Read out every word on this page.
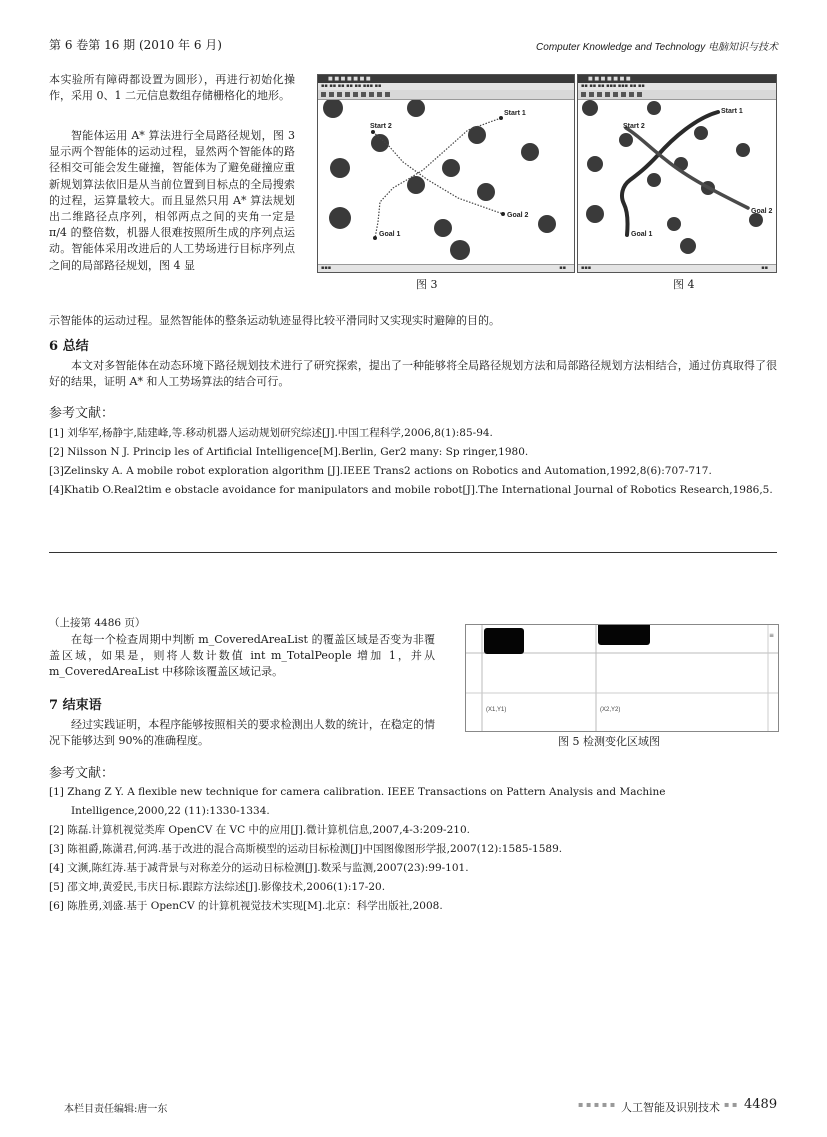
第 6 卷第 16 期 (2010 年 6 月)	Computer Knowledge and Technology 电脑知识与技术
本实验所有障碍都设置为圆形），再进行初始化操作，采用 0、1 二元信息数组存储栅格化的地形。
智能体运用 A* 算法进行全局路径规划，图 3 显示两个智能体的运动过程，显然两个智能体的路径相交可能会发生碰撞，智能体为了避免碰撞应重新规划算法依旧是从当前位置到目标点的全局搜索的过程，运算量较大。而且显然只用 A* 算法规划出二维路径点序列，相邻两点之间的夹角一定是 π/4 的整倍数，机器人很难按照所生成的序列点运动。智能体采用改进后的人工势场进行目标序列点之间的局部路径规划，图 4 显
■ ■ ■ ■ ■ ■ ■
▪▪ ▪▪ ▪▪ ▪▪ ▪▪ ▪▪▪ ▪▪
Start 1
Start 2
Goal 1
Goal 2
▪▪▪	▪▪
图 3
■ ■ ■ ■ ■ ■ ■
▪▪ ▪▪ ▪▪ ▪▪▪ ▪▪▪ ▪▪ ▪▪
Start 1
Start 2
Goal 1
Goal 2
▪▪▪	▪▪
图 4
示智能体的运动过程。显然智能体的整条运动轨迹显得比较平滑同时又实现实时避障的目的。
6 总结
本文对多智能体在动态环境下路径规划技术进行了研究探索，提出了一种能够将全局路径规划方法和局部路径规划方法相结合，通过仿真取得了很好的结果，证明 A* 和人工势场算法的结合可行。
参考文献：
[1] 刘华军,杨静宇,陆建峰,等.移动机器人运动规划研究综述[J].中国工程科学,2006,8(1):85-94.
[2] Nilsson N J. Princip les of Artificial Intelligence[M].Berlin, Ger2 many: Sp ringer,1980.
[3]Zelinsky A. A mobile robot exploration algorithm [J].IEEE Trans2 actions on Robotics and Automation,1992,8(6):707-717.
[4]Khatib O.Real2tim e obstacle avoidance for manipulators and mobile robot[J].The International Journal of Robotics Research,1986,5.
（上接第 4486 页）
在每一个检查周期中判断 m_CoveredAreaList 的覆盖区域是否变为非覆盖区域，如果是，则将人数计数值 int m_TotalPeople 增加 1，并从 m_CoveredAreaList 中移除该覆盖区域记录。
7 结束语
经过实践证明，本程序能够按照相关的要求检测出人数的统计，在稳定的情况下能够达到 90%的准确程度。
≡
(X1,Y1)	(X2,Y2)
图 5 检测变化区域图
参考文献：
[1] Zhang Z Y. A flexible new technique for camera calibration. IEEE Transactions on Pattern Analysis and Machine Intelligence,2000,22 (11):1330-1334.
[2] 陈磊.计算机视觉类库 OpenCV 在 VC 中的应用[J].微计算机信息,2007,4-3:209-210.
[3] 陈祖爵,陈潇君,何鸿.基于改进的混合高斯模型的运动目标检测[J]中国图像图形学报,2007(12):1585-1589.
[4] 文濒,陈红涛.基于减背景与对称差分的运动日标检测[J].数采与监测,2007(23):99-101.
[5] 邵文坤,黄爱民,韦庆日标.跟踪方法综述[J].影像技术,2006(1):17-20.
[6] 陈胜勇,刘盛.基于 OpenCV 的计算机视觉技术实现[M].北京：科学出版社,2008.
本栏目责任编辑:唐一东	▪ ▪ ▪ ▪ ▪ 人工智能及识别技术 ▪ ▪ 4489
